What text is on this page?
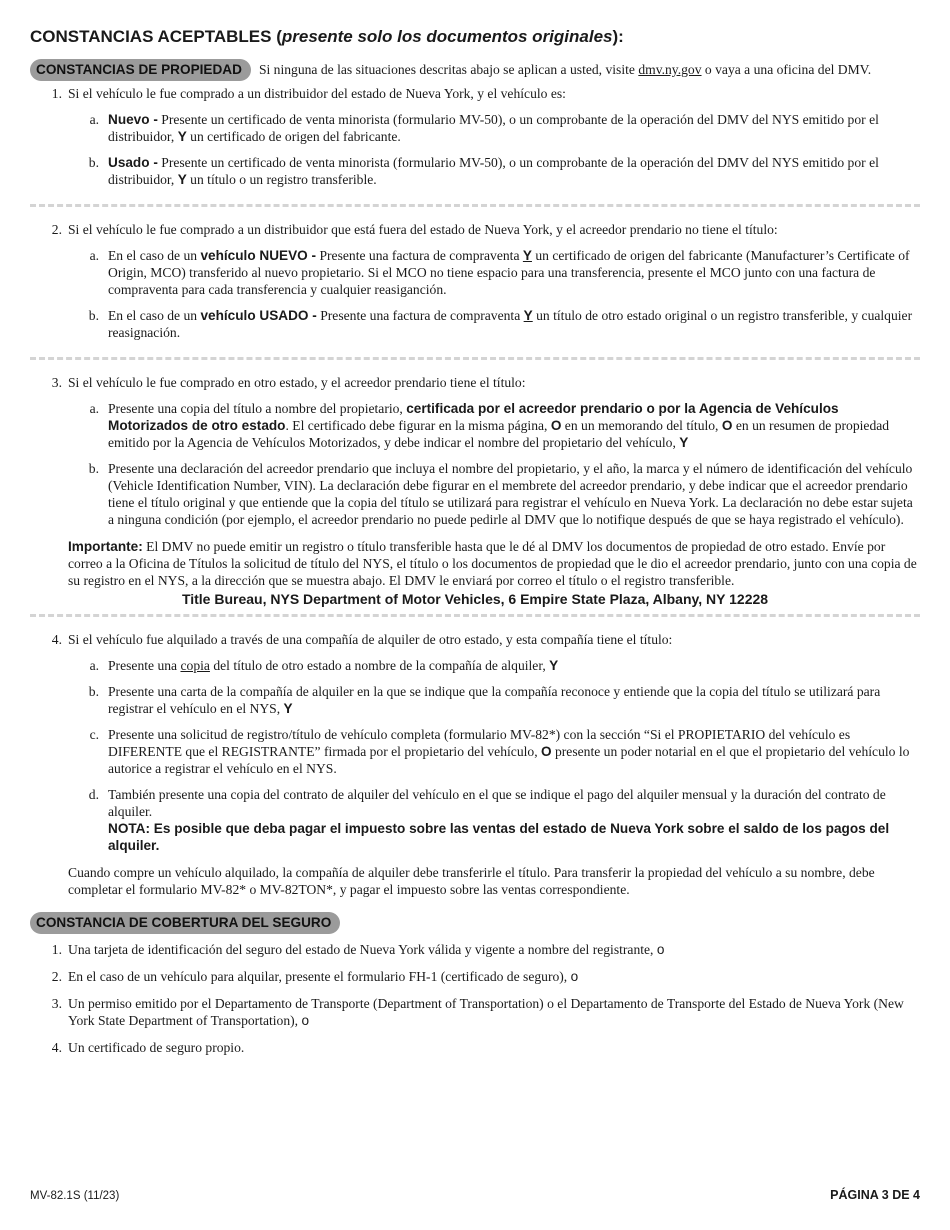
CONSTANCIAS ACEPTABLES (presente solo los documentos originales):
CONSTANCIAS DE PROPIEDAD	Si ninguna de las situaciones descritas abajo se aplican a usted, visite dmv.ny.gov o vaya a una oficina del DMV.
1. Si el vehículo le fue comprado a un distribuidor del estado de Nueva York, y el vehículo es:
a. Nuevo - Presente un certificado de venta minorista (formulario MV-50), o un comprobante de la operación del DMV del NYS emitido por el distribuidor, Y un certificado de origen del fabricante.
b. Usado - Presente un certificado de venta minorista (formulario MV-50), o un comprobante de la operación del DMV del NYS emitido por el distribuidor, Y un título o un registro transferible.
2. Si el vehículo le fue comprado a un distribuidor que está fuera del estado de Nueva York, y el acreedor prendario no tiene el título:
a. En el caso de un vehículo NUEVO - Presente una factura de compraventa Y un certificado de origen del fabricante (Manufacturer’s Certificate of Origin, MCO) transferido al nuevo propietario. Si el MCO no tiene espacio para una transferencia, presente el MCO junto con una factura de compraventa para cada transferencia y cualquier reasiganción.
b. En el caso de un vehículo USADO - Presente una factura de compraventa Y un título de otro estado original o un registro transferible, y cualquier reasignación.
3. Si el vehículo le fue comprado en otro estado, y el acreedor prendario tiene el título:
a. Presente una copia del título a nombre del propietario, certificada por el acreedor prendario o por la Agencia de Vehículos Motorizados de otro estado. El certificado debe figurar en la misma página, O en un memorando del título, O en un resumen de propiedad emitido por la Agencia de Vehículos Motorizados, y debe indicar el nombre del propietario del vehículo, Y
b. Presente una declaración del acreedor prendario que incluya el nombre del propietario, y el año, la marca y el número de identificación del vehículo (Vehicle Identification Number, VIN). La declaración debe figurar en el membrete del acreedor prendario, y debe indicar que el acreedor prendario tiene el título original y que entiende que la copia del título se utilizará para registrar el vehículo en Nueva York. La declaración no debe estar sujeta a ninguna condición (por ejemplo, el acreedor prendario no puede pedirle al DMV que lo notifique después de que se haya registrado el vehículo).
Importante: El DMV no puede emitir un registro o título transferible hasta que le dé al DMV los documentos de propiedad de otro estado. Envíe por correo a la Oficina de Títulos la solicitud de título del NYS, el título o los documentos de propiedad que le dio el acreedor prendario, junto con una copia de su registro en el NYS, a la dirección que se muestra abajo. El DMV le enviará por correo el título o el registro transferible.
Title Bureau, NYS Department of Motor Vehicles, 6 Empire State Plaza, Albany, NY 12228
4. Si el vehículo fue alquilado a través de una compañía de alquiler de otro estado, y esta compañía tiene el título:
a. Presente una copia del título de otro estado a nombre de la compañía de alquiler, Y
b. Presente una carta de la compañía de alquiler en la que se indique que la compañía reconoce y entiende que la copia del título se utilizará para registrar el vehículo en el NYS, Y
c. Presente una solicitud de registro/título de vehículo completa (formulario MV-82*) con la sección “Si el PROPIETARIO del vehículo es DIFERENTE que el REGISTRANTE” firmada por el propietario del vehículo, O presente un poder notarial en el que el propietario del vehículo lo autorice a registrar el vehículo en el NYS.
d. También presente una copia del contrato de alquiler del vehículo en el que se indique el pago del alquiler mensual y la duración del contrato de alquiler.
NOTA: Es posible que deba pagar el impuesto sobre las ventas del estado de Nueva York sobre el saldo de los pagos del alquiler.
Cuando compre un vehículo alquilado, la compañía de alquiler debe transferirle el título. Para transferir la propiedad del vehículo a su nombre, debe completar el formulario MV-82* o MV-82TON*, y pagar el impuesto sobre las ventas correspondiente.
CONSTANCIA DE COBERTURA DEL SEGURO
1. Una tarjeta de identificación del seguro del estado de Nueva York válida y vigente a nombre del registrante, o
2. En el caso de un vehículo para alquilar, presente el formulario FH-1 (certificado de seguro), o
3. Un permiso emitido por el Departamento de Transporte (Department of Transportation) o el Departamento de Transporte del Estado de Nueva York (New York State Department of Transportation), o
4. Un certificado de seguro propio.
MV-82.1S (11/23)	PÁGINA 3 DE 4
